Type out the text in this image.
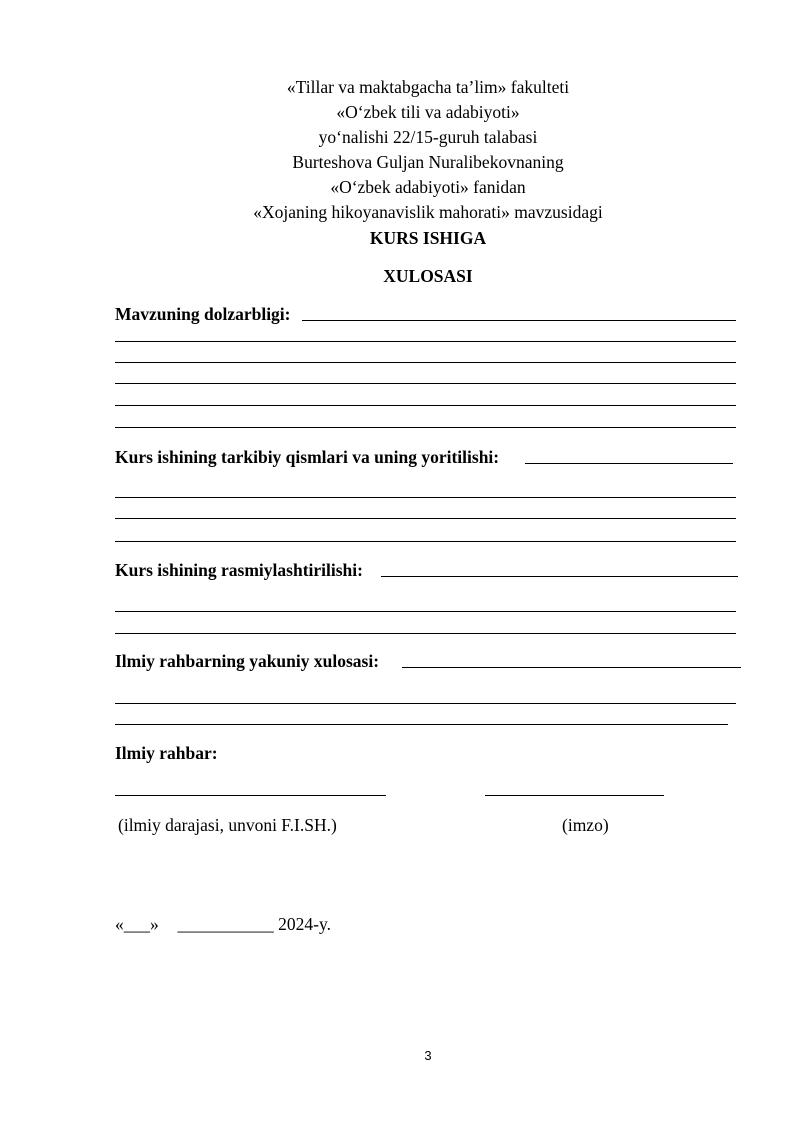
«Tillar va maktabgacha ta’lim» fakulteti
«O‘zbek tili va adabiyoti»
yo‘nalishi 22/15-guruh talabasi
Burteshova Guljan Nuralibekovnaning
«O‘zbek adabiyoti» fanidan
«Xojaning hikoyanavislik mahorati» mavzusidagi
KURS ISHIGA
XULOSASI
Mavzuning dolzarbligi:
Kurs ishining tarkibiy qismlari va uning yoritilishi:
Kurs ishining rasmiylashtirilishi:
Ilmiy rahbarning yakuniy xulosasi:
Ilmiy rahbar:
(ilmiy darajasi, unvoni F.I.SH.)	(imzo)
«___» ___________ 2024-y.
3
